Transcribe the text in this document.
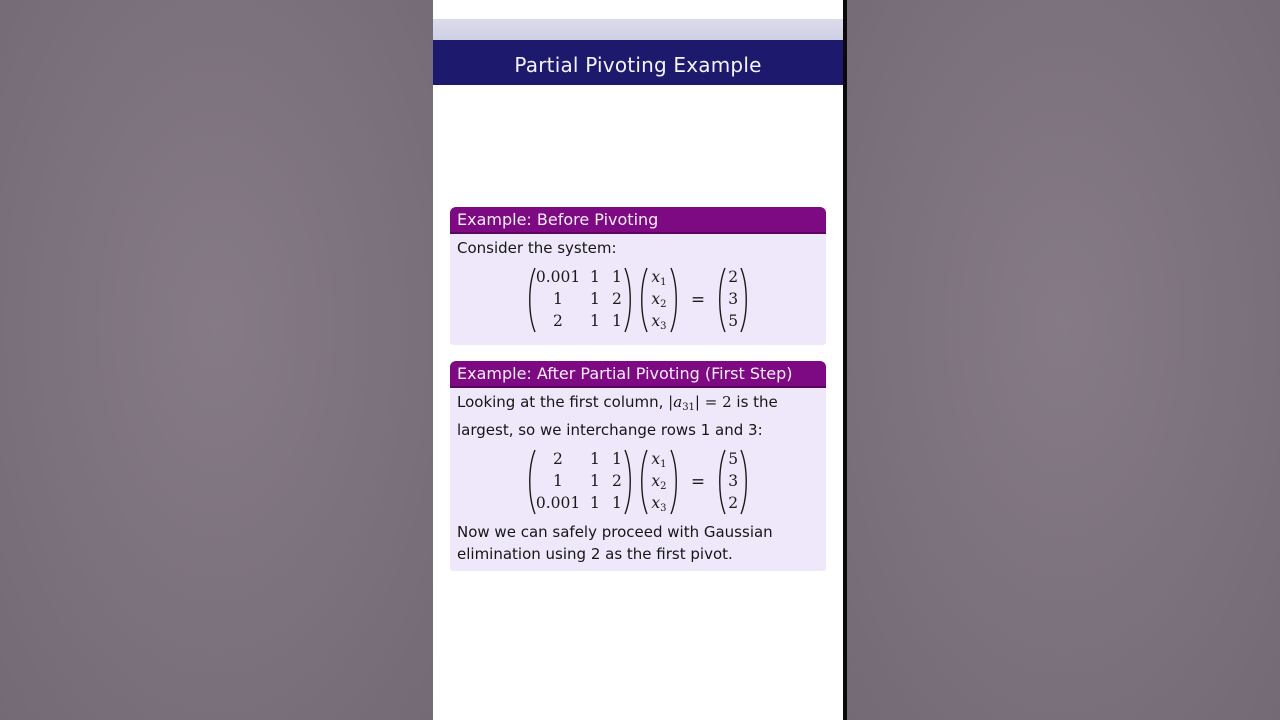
Partial Pivoting Example
Example: Before Pivoting

Consider the system:

0.001 1 1
1	1 2
2	1 1
$x_1$
$x_2$
$x_3$
=
2
3
5
Example: After Partial Pivoting (First Step)

Looking at the first column, $|a_{31}| = 2$ is the largest, so we interchange rows 1 and 3:

2	1 1
1	1 2
0.001 1 1
$x_1$
$x_2$
$x_3$
=
5
3
2

Now we can safely proceed with Gaussian elimination using 2 as the first pivot.
